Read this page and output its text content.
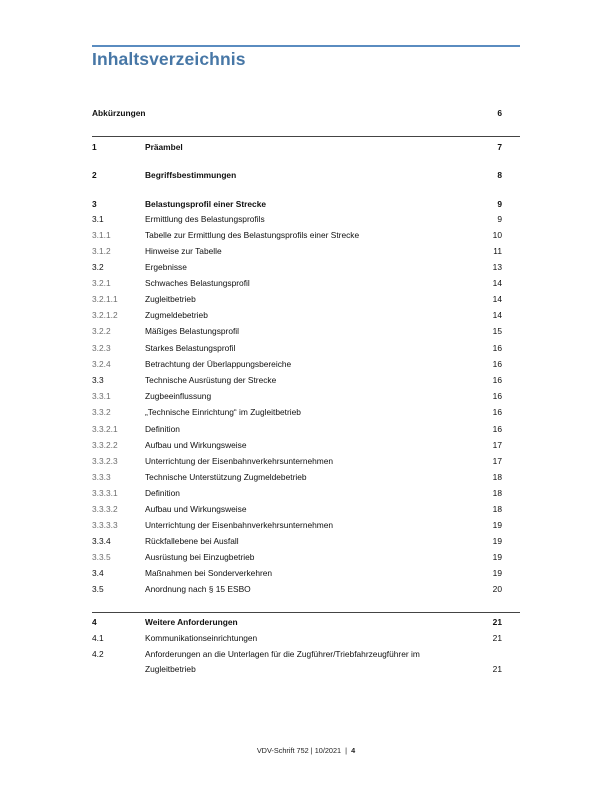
Inhaltsverzeichnis
Abkürzungen	6
1	Präambel	7
2	Begriffsbestimmungen	8
3	Belastungsprofil einer Strecke	9
3.1	Ermittlung des Belastungsprofils	9
3.1.1	Tabelle zur Ermittlung des Belastungsprofils einer Strecke	10
3.1.2	Hinweise zur Tabelle	11
3.2	Ergebnisse	13
3.2.1	Schwaches Belastungsprofil	14
3.2.1.1	Zugleitbetrieb	14
3.2.1.2	Zugmeldebetrieb	14
3.2.2	Mäßiges Belastungsprofil	15
3.2.3	Starkes Belastungsprofil	16
3.2.4	Betrachtung der Überlappungsbereiche	16
3.3	Technische Ausrüstung der Strecke	16
3.3.1	Zugbeeinflussung	16
3.3.2	„Technische Einrichtung“ im Zugleitbetrieb	16
3.3.2.1	Definition	16
3.3.2.2	Aufbau und Wirkungsweise	17
3.3.2.3	Unterrichtung der Eisenbahnverkehrsunternehmen	17
3.3.3	Technische Unterstützung Zugmeldebetrieb	18
3.3.3.1	Definition	18
3.3.3.2	Aufbau und Wirkungsweise	18
3.3.3.3	Unterrichtung der Eisenbahnverkehrsunternehmen	19
3.3.4	Rückfallebene bei Ausfall	19
3.3.5	Ausrüstung bei Einzugbetrieb	19
3.4	Maßnahmen bei Sonderverkehren	19
3.5	Anordnung nach § 15 ESBO	20
4	Weitere Anforderungen	21
4.1	Kommunikationseinrichtungen	21
4.2	Anforderungen an die Unterlagen für die Zugführer/Triebfahrzeugführer im
Zugleitbetrieb	21
VDV-Schrift 752 | 10/2021 | 4
